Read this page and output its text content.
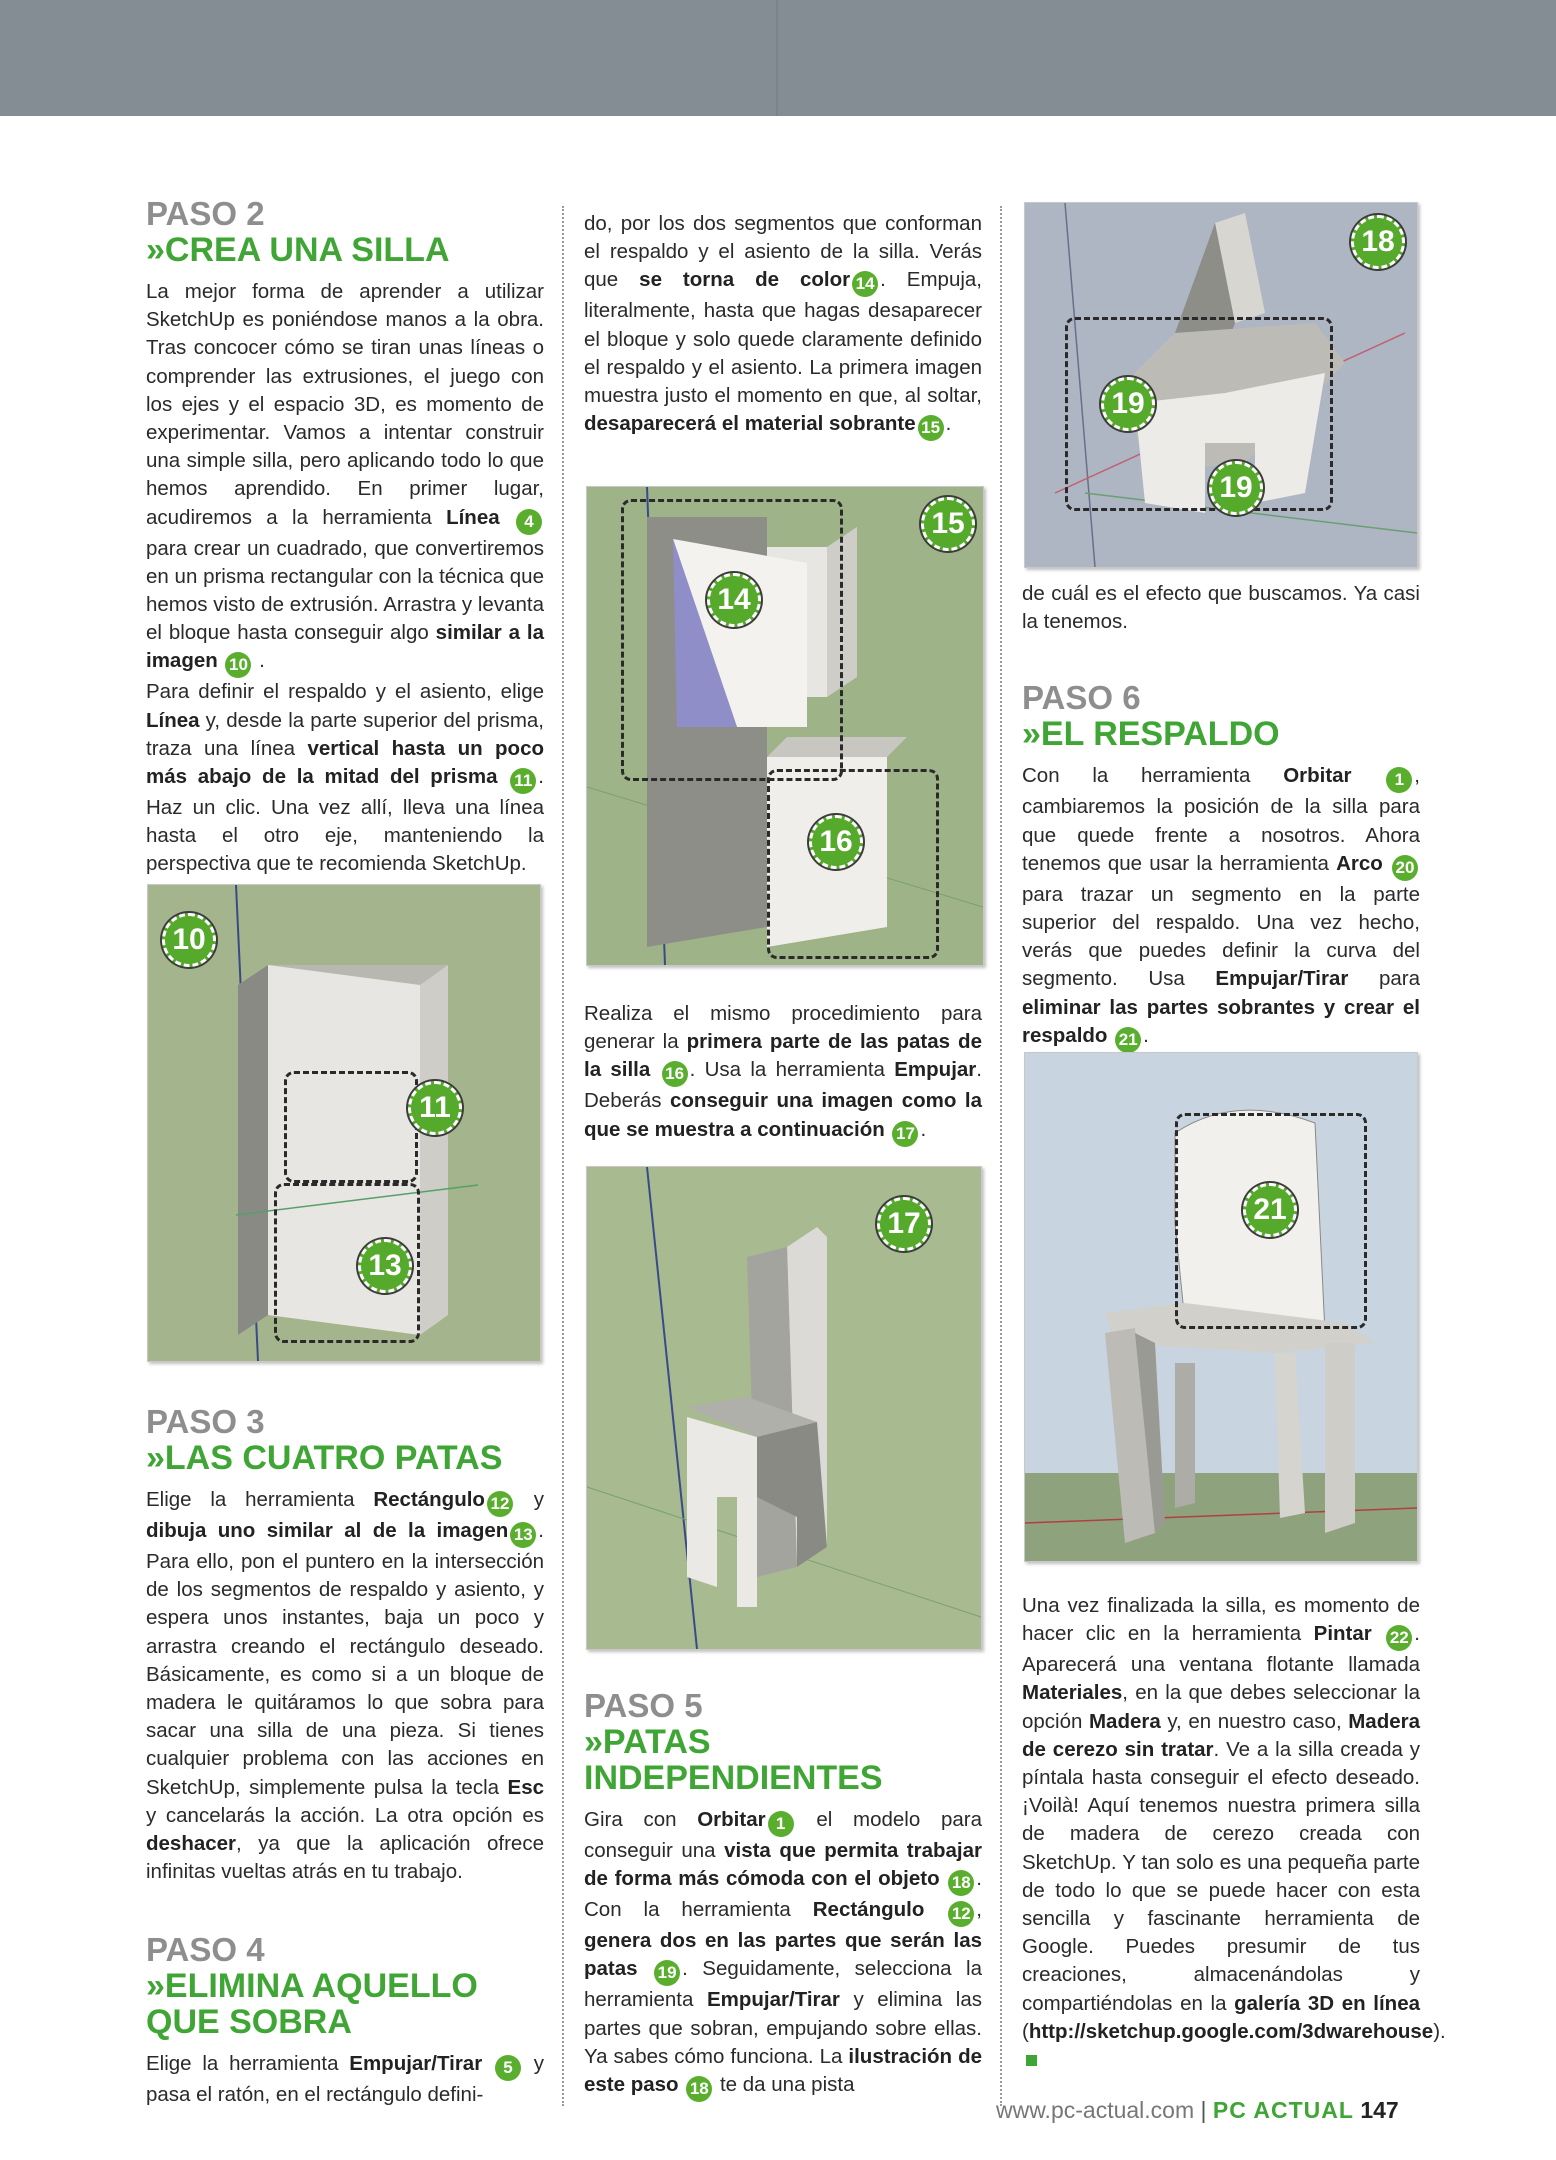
PASO 2
»CREA UNA SILLA

La mejor forma de aprender a utilizar SketchUp es poniéndose manos a la obra. Tras concocer cómo se tiran unas líneas o comprender las extrusiones, el juego con los ejes y el espacio 3D, es momento de experimentar. Vamos a intentar construir una simple silla, pero aplicando todo lo que hemos aprendido. En primer lugar, acudiremos a la herramienta Línea 4 para crear un cuadrado, que convertiremos en un prisma rectangular con la técnica que hemos visto de extrusión. Arrastra y levanta el bloque hasta conseguir algo similar a la imagen 10 .

Para definir el respaldo y el asiento, elige Línea y, desde la parte superior del prisma, traza una línea vertical hasta un poco más abajo de la mitad del prisma 11 . Haz un clic. Una vez allí, lleva una línea hasta el otro eje, manteniendo la perspectiva que te recomienda SketchUp.

10
11
13
PASO 3
»LAS CUATRO PATAS

Elige la herramienta Rectángulo 12 y dibuja uno similar al de la imagen 13 . Para ello, pon el puntero en la intersección de los segmentos de respaldo y asiento, y espera unos instantes, baja un poco y arrastra creando el rectángulo deseado. Básicamente, es como si a un bloque de madera le quitáramos lo que sobra para sacar una silla de una pieza. Si tienes cualquier problema con las acciones en SketchUp, simplemente pulsa la tecla Esc y cancelarás la acción. La otra opción es deshacer, ya que la aplicación ofrece infinitas vueltas atrás en tu trabajo.

PASO 4
»ELIMINA AQUELLO QUE SOBRA

Elige la herramienta Empujar/Tirar 5 y pasa el ratón, en el rectángulo defini-

do, por los dos segmentos que conforman el respaldo y el asiento de la silla. Verás que se torna de color 14 . Empuja, literalmente, hasta que hagas desaparecer el bloque y solo quede claramente definido el respaldo y el asiento. La primera imagen muestra justo el momento en que, al soltar, desaparecerá el material sobrante 15 .

15
14
16

Realiza el mismo procedimiento para generar la primera parte de las patas de la silla 16 . Usa la herramienta Empujar. Deberás conseguir una imagen como la que se muestra a continuación 17 .

17
PASO 5
»PATAS INDEPENDIENTES

Gira con Orbitar 1 el modelo para conseguir una vista que permita trabajar de forma más cómoda con el objeto 18 . Con la herramienta Rectángulo 12 , genera dos en las partes que serán las patas 19 . Seguidamente, selecciona la herramienta Empujar/Tirar y elimina las partes que sobran, empujando sobre ellas. Ya sabes cómo funciona. La ilustración de este paso 18 te da una pista

18
19
19

de cuál es el efecto que buscamos. Ya casi la tenemos.

PASO 6
»EL RESPALDO

Con la herramienta Orbitar	1 , cambiaremos la posición de la silla para que quede frente a nosotros. Ahora tenemos que usar la herramienta Arco 20 para trazar un segmento en la parte superior del respaldo. Una vez hecho, verás que puedes definir la curva del segmento. Usa Empujar/Tirar para eliminar las partes sobrantes y crear el respaldo 21 .

21

Una vez finalizada la silla, es momento de hacer clic en la herramienta Pintar 22 . Aparecerá una ventana flotante llamada Materiales, en la que debes seleccionar la opción Madera y, en nuestro caso, Madera de cerezo sin tratar. Ve a la silla creada y píntala hasta conseguir el efecto deseado. ¡Voilà! Aquí tenemos nuestra primera silla de madera de cerezo creada con SketchUp. Y tan solo es una pequeña parte de todo lo que se puede hacer con esta sencilla y fascinante herramienta de Google. Puedes presumir de tus creaciones, almacenándolas y compartiéndolas en la galería 3D en línea (http://sketchup.google.com/3dwarehouse).

www.pc-actual.com | PC ACTUAL 147
